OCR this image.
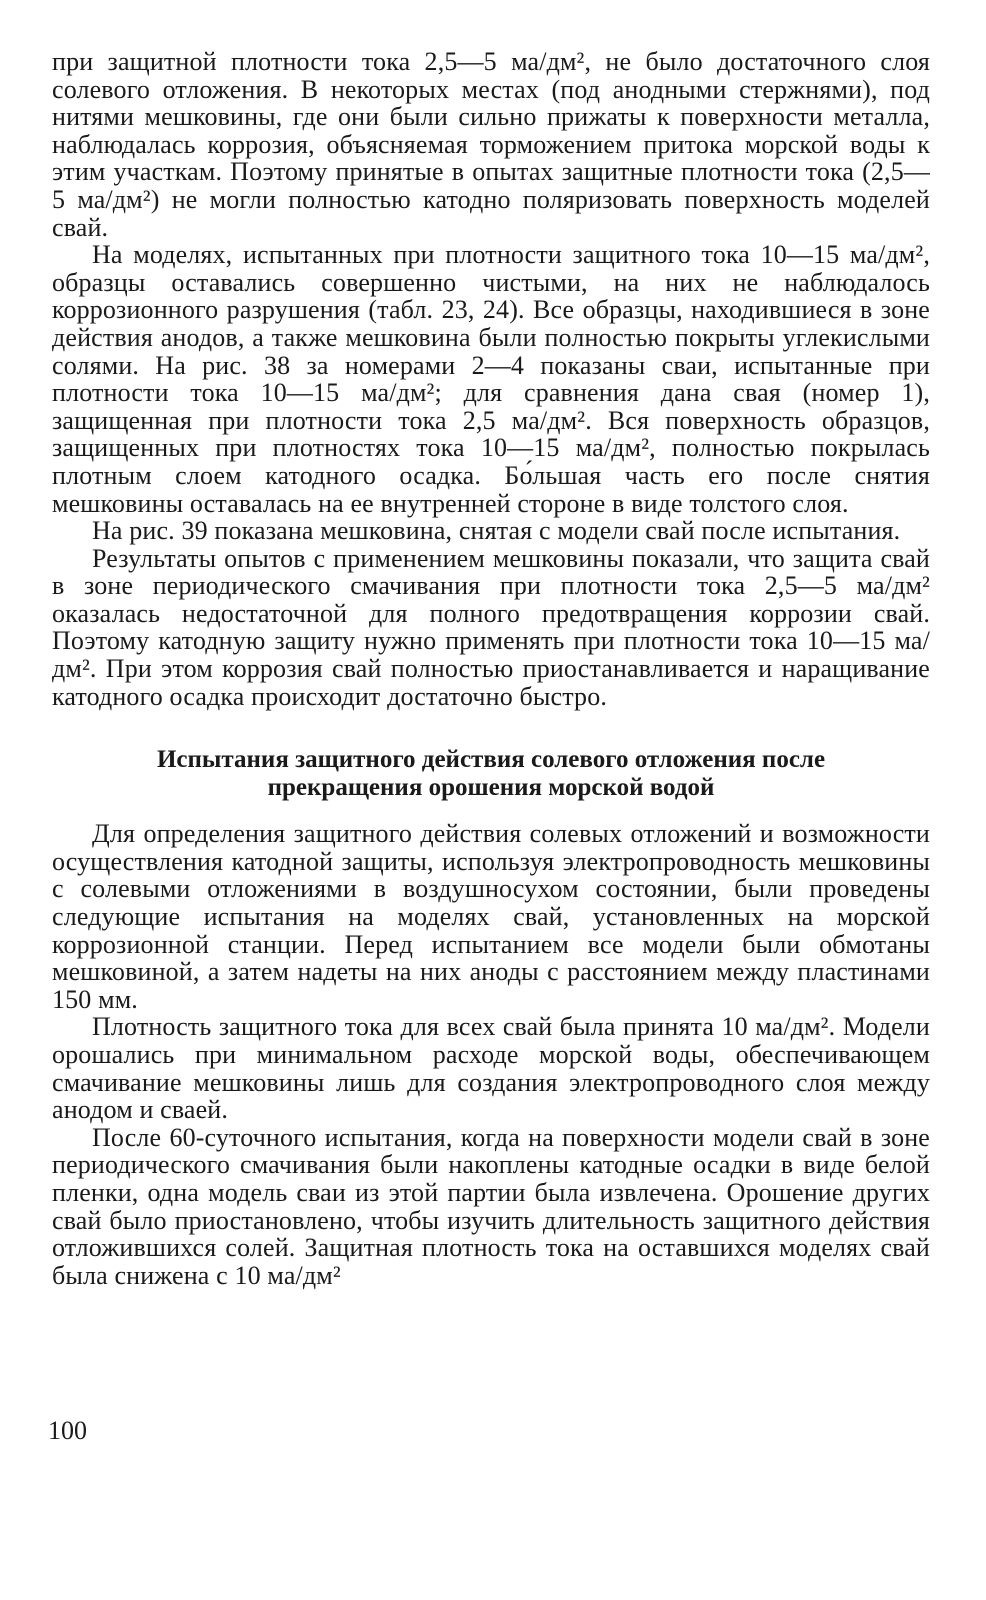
при защитной плотности тока 2,5—5 ма/дм², не было достаточного слоя солевого отложения. В некоторых местах (под анодными стержнями), под нитями мешковины, где они были сильно прижаты к поверхности металла, наблюдалась коррозия, объясняемая торможением притока морской воды к этим участкам. Поэтому принятые в опытах защитные плотности тока (2,5—5 ма/дм²) не могли полностью катодно поляризовать поверхность моделей свай.

На моделях, испытанных при плотности защитного тока 10—15 ма/дм², образцы оставались совершенно чистыми, на них не наблюдалось коррозионного разрушения (табл. 23, 24). Все образцы, находившиеся в зоне действия анодов, а также мешковина были полностью покрыты углекислыми солями. На рис. 38 за номерами 2—4 показаны сваи, испытанные при плотности тока 10—15 ма/дм²; для сравнения дана свая (номер 1), защищенная при плотности тока 2,5 ма/дм². Вся поверхность образцов, защищенных при плотностях тока 10—15 ма/дм², полностью покрылась плотным слоем катодного осадка. Бо́льшая часть его после снятия мешковины оставалась на ее внутренней стороне в виде толстого слоя.

На рис. 39 показана мешковина, снятая с модели свай после испытания.

Результаты опытов с применением мешковины показали, что защита свай в зоне периодического смачивания при плотности тока 2,5—5 ма/дм² оказалась недостаточной для полного предотвращения коррозии свай. Поэтому катодную защиту нужно применять при плотности тока 10—15 ма/дм². При этом коррозия свай полностью приостанавливается и наращивание катодного осадка происходит достаточно быстро.

Испытания защитного действия солевого отложения после прекращения орошения морской водой

Для определения защитного действия солевых отложений и возможности осуществления катодной защиты, используя электропроводность мешковины с солевыми отложениями в воздушносухом состоянии, были проведены следующие испытания на моделях свай, установленных на морской коррозионной станции. Перед испытанием все модели были обмотаны мешковиной, а затем надеты на них аноды с расстоянием между пластинами 150 мм.

Плотность защитного тока для всех свай была принята 10 ма/дм². Модели орошались при минимальном расходе морской воды, обеспечивающем смачивание мешковины лишь для создания электропроводного слоя между анодом и сваей.

После 60-суточного испытания, когда на поверхности модели свай в зоне периодического смачивания были накоплены катодные осадки в виде белой пленки, одна модель сваи из этой партии была извлечена. Орошение других свай было приостановлено, чтобы изучить длительность защитного действия отложившихся солей. Защитная плотность тока на оставшихся моделях свай была снижена с 10 ма/дм²

100
